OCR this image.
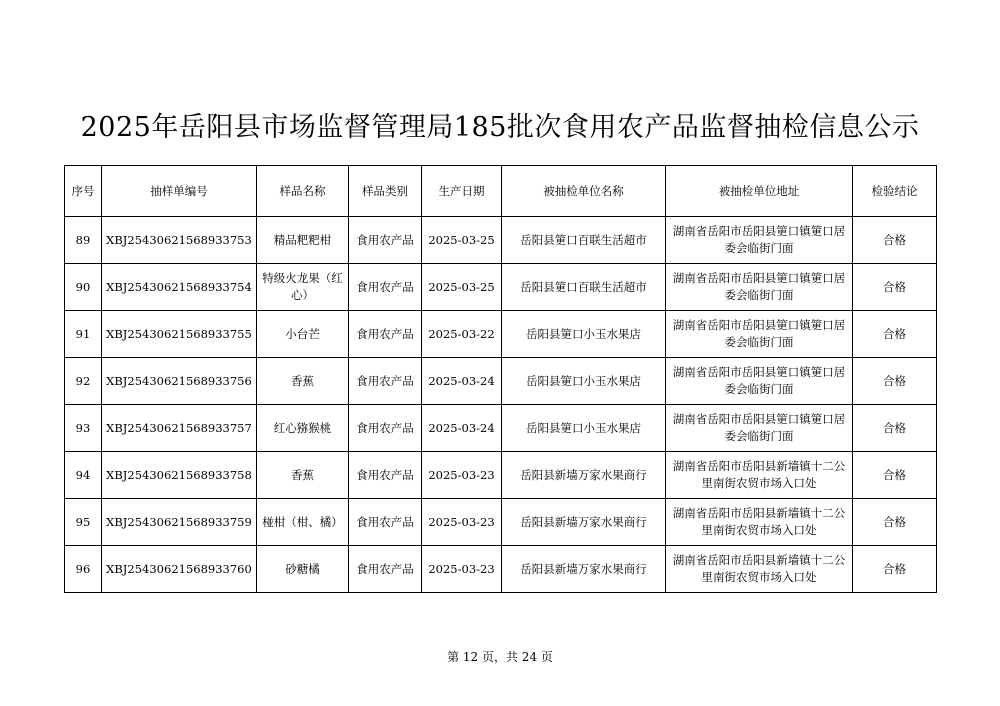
2025年岳阳县市场监督管理局185批次食用农产品监督抽检信息公示
序号	抽样单编号	样品名称	样品类别	生产日期	被抽检单位名称	被抽检单位地址	检验结论
89	XBJ25430621568933753	精品粑粑柑	食用农产品	2025-03-25	岳阳县筻口百联生活超市	湖南省岳阳市岳阳县筻口镇筻口居委会临街门面	合格
90	XBJ25430621568933754	特级火龙果（红心）	食用农产品	2025-03-25	岳阳县筻口百联生活超市	湖南省岳阳市岳阳县筻口镇筻口居委会临街门面	合格
91	XBJ25430621568933755	小台芒	食用农产品	2025-03-22	岳阳县筻口小玉水果店	湖南省岳阳市岳阳县筻口镇筻口居委会临街门面	合格
92	XBJ25430621568933756	香蕉	食用农产品	2025-03-24	岳阳县筻口小玉水果店	湖南省岳阳市岳阳县筻口镇筻口居委会临街门面	合格
93	XBJ25430621568933757	红心猕猴桃	食用农产品	2025-03-24	岳阳县筻口小玉水果店	湖南省岳阳市岳阳县筻口镇筻口居委会临街门面	合格
94	XBJ25430621568933758	香蕉	食用农产品	2025-03-23	岳阳县新墙万家水果商行	湖南省岳阳市岳阳县新墙镇十二公里南街农贸市场入口处	合格
95	XBJ25430621568933759	椪柑（柑、橘）	食用农产品	2025-03-23	岳阳县新墙万家水果商行	湖南省岳阳市岳阳县新墙镇十二公里南街农贸市场入口处	合格
96	XBJ25430621568933760	砂糖橘	食用农产品	2025-03-23	岳阳县新墙万家水果商行	湖南省岳阳市岳阳县新墙镇十二公里南街农贸市场入口处	合格
第 12 页，共 24 页
